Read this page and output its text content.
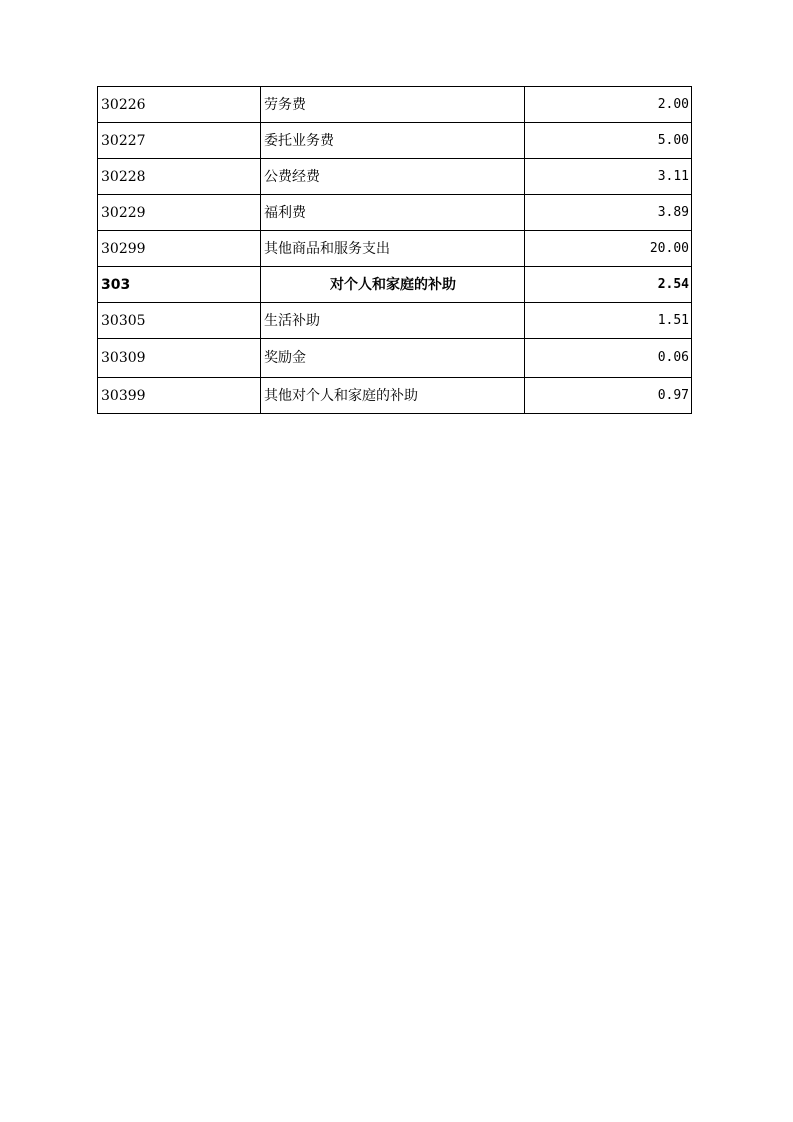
30226	劳务费	2.00
30227	委托业务费	5.00
30228	公费经费	3.11
30229	福利费	3.89
30299	其他商品和服务支出	20.00
303	对个人和家庭的补助	2.54
30305	生活补助	1.51
30309	奖励金	0.06
30399	其他对个人和家庭的补助	0.97
